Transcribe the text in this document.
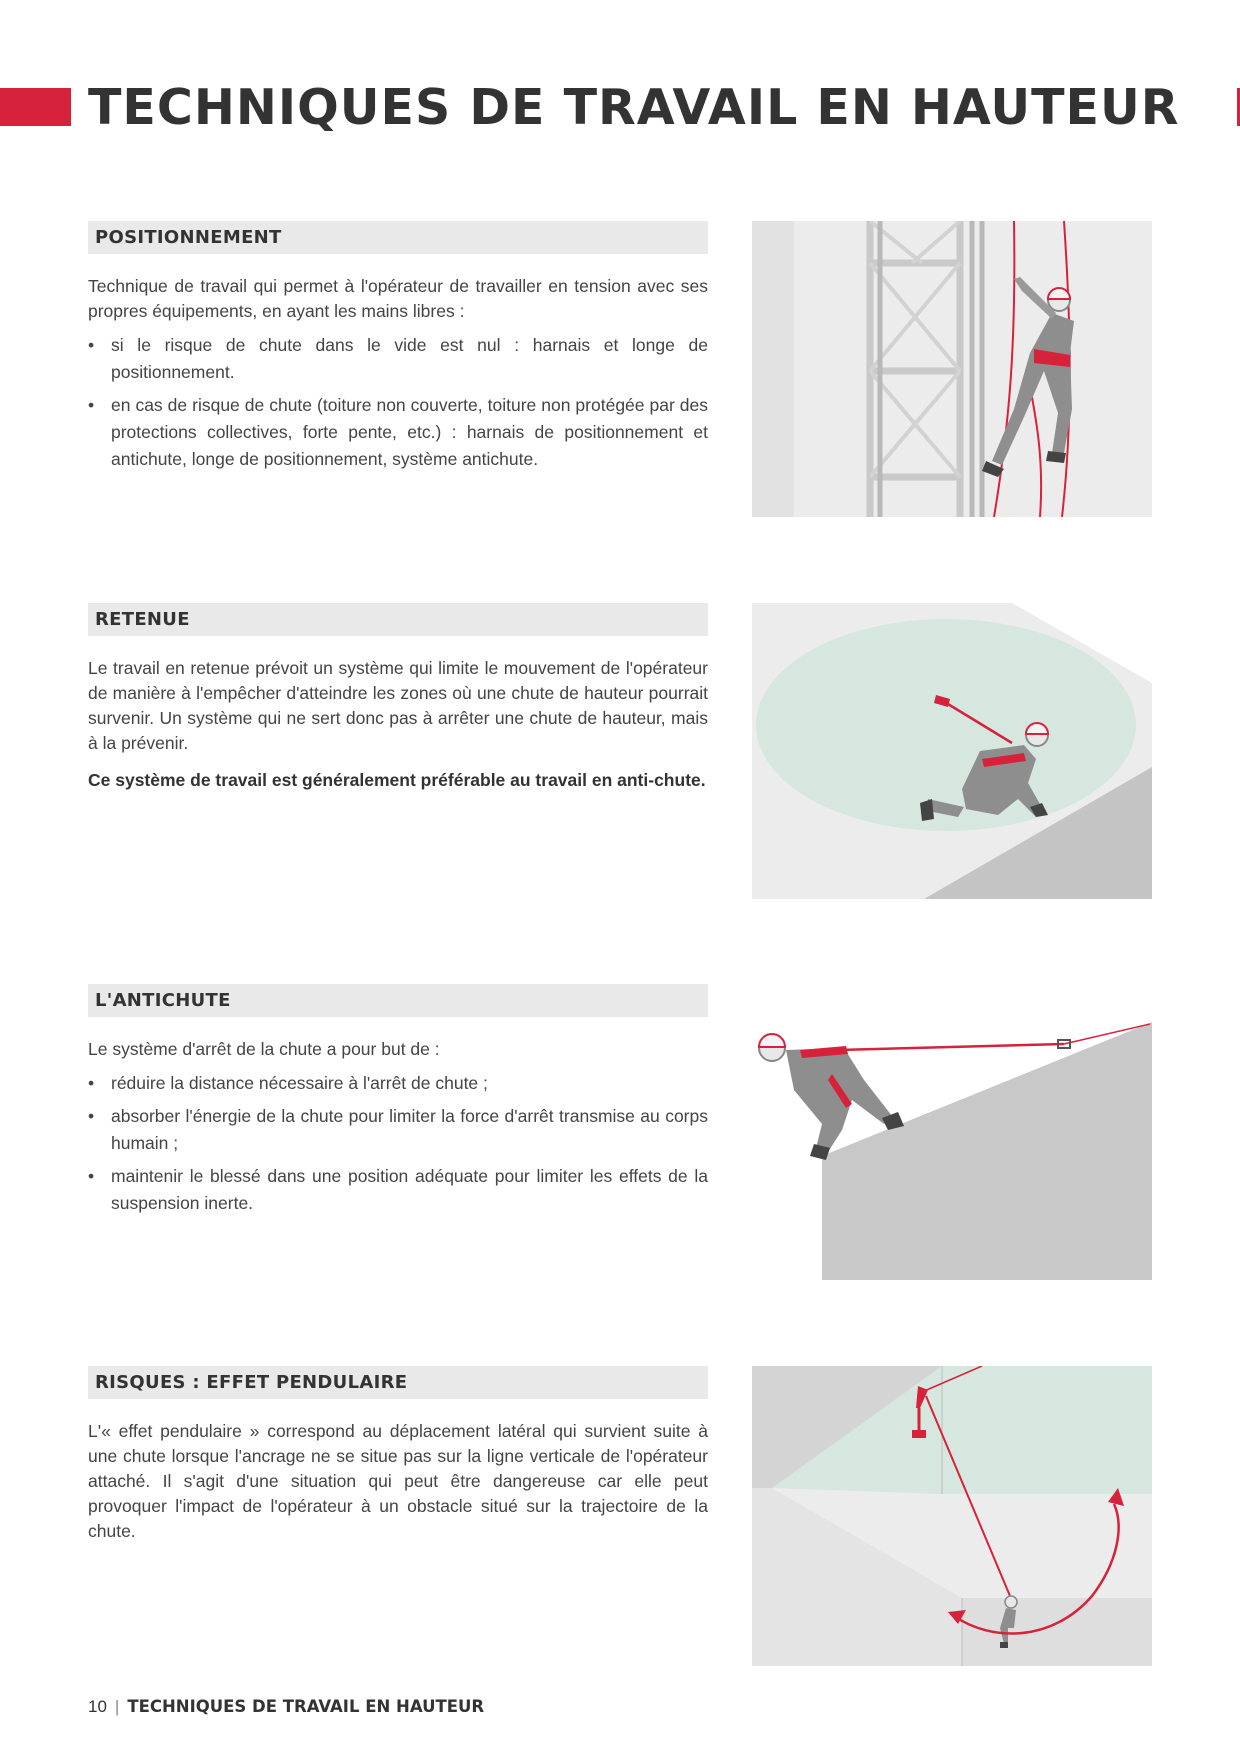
TECHNIQUES DE TRAVAIL EN HAUTEUR
POSITIONNEMENT

Technique de travail qui permet à l'opérateur de travailler en tension avec ses propres équipements, en ayant les mains libres :

• si le risque de chute dans le vide est nul : harnais et longe de positionnement.
• en cas de risque de chute (toiture non couverte, toiture non protégée par des protections collectives, forte pente, etc.) : harnais de positionnement et antichute, longe de positionnement, système antichute.
RETENUE

Le travail en retenue prévoit un système qui limite le mouvement de l'opérateur de manière à l'empêcher d'atteindre les zones où une chute de hauteur pourrait survenir. Un système qui ne sert donc pas à arrêter une chute de hauteur, mais à la prévenir.

Ce système de travail est généralement préférable au travail en anti-chute.

L'ANTICHUTE

Le système d'arrêt de la chute a pour but de :

• réduire la distance nécessaire à l'arrêt de chute ;
• absorber l'énergie de la chute pour limiter la force d'arrêt transmise au corps humain ;
• maintenir le blessé dans une position adéquate pour limiter les effets de la suspension inerte.
RISQUES : EFFET PENDULAIRE

L'« effet pendulaire » correspond au déplacement latéral qui survient suite à une chute lorsque l'ancrage ne se situe pas sur la ligne verticale de l'opérateur attaché. Il s'agit d'une situation qui peut être dangereuse car elle peut provoquer l'impact de l'opérateur à un obstacle situé sur la trajectoire de la chute.

10 | TECHNIQUES DE TRAVAIL EN HAUTEUR
